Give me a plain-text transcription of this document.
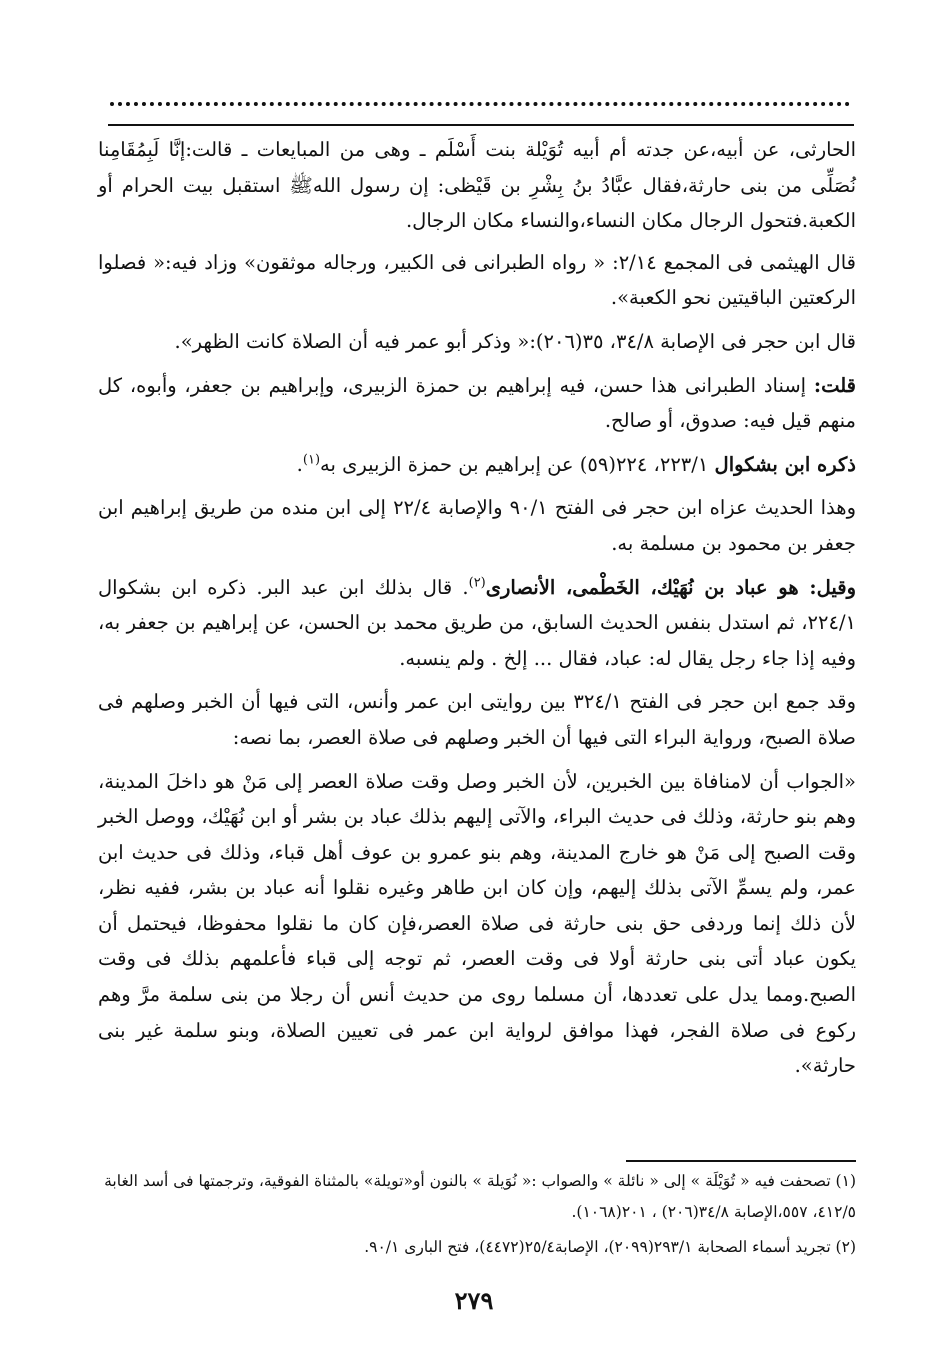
الحارثى، عن أبيه،عن جدته أم أبيه تُوَيْلة بنت أَسْلَم ـ وهى من المبايعات ـ قالت:إنَّا لَبِمُقَامِنا نُصَلِّى من بنى حارثة،فقال عبَّادُ بنُ بِشْرِ بن قَيْظى: إن رسول اللهﷺ استقبل بيت الحرام أو الكعبة.فتحول الرجال مكان النساء،والنساء مكان الرجال.

قال الهيثمى فى المجمع ٢/١٤: « رواه الطبرانى فى الكبير، ورجاله موثقون» وزاد فيه:« فصلوا الركعتين الباقيتين نحو الكعبة».

قال ابن حجر فى الإصابة ٣٤/٨، ٣٥(٢٠٦):« وذكر أبو عمر فيه أن الصلاة كانت الظهر».

قلت: إسناد الطبرانى هذا حسن، فيه إبراهيم بن حمزة الزبيرى، وإبراهيم بن جعفر، وأبوه، كل منهم قيل فيه: صدوق، أو صالح.

ذكره ابن بشكوال ٢٢٣/١، ٢٢٤(٥٩) عن إبراهيم بن حمزة الزبيرى به$^{(١)}$.

وهذا الحديث عزاه ابن حجر فى الفتح ٩٠/١ والإصابة ٢٢/٤ إلى ابن منده من طريق إبراهيم ابن جعفر بن محمود بن مسلمة به.

وقيل: هو عباد بن نُهَيْك، الخَطْمى، الأنصارى$^{(٢)}$. قال بذلك ابن عبد البر. ذكره ابن بشكوال ٢٢٤/١، ثم استدل بنفس الحديث السابق، من طريق محمد بن الحسن، عن إبراهيم بن جعفر به، وفيه إذا جاء رجل يقال له: عباد، فقال ... إلخ . ولم ينسبه.

وقد جمع ابن حجر فى الفتح ٣٢٤/١ بين روايتى ابن عمر وأنس، التى فيها أن الخبر وصلهم فى صلاة الصبح، ورواية البراء التى فيها أن الخبر وصلهم فى صلاة العصر، بما نصه:

«الجواب أن لامنافاة بين الخبرين، لأن الخبر وصل وقت صلاة العصر إلى مَنْ هو داخلَ المدينة، وهم بنو حارثة، وذلك فى حديث البراء، والآتى إليهم بذلك عباد بن بشر أو ابن نُهَيْك، ووصل الخبر وقت الصبح إلى مَنْ هو خارج المدينة، وهم بنو عمرو بن عوف أهل قباء، وذلك فى حديث ابن عمر، ولم يسمِّ الآتى بذلك إليهم، وإن كان ابن طاهر وغيره نقلوا أنه عباد بن بشر، ففيه نظر، لأن ذلك إنما وردفى حق بنى حارثة فى صلاة العصر،فإن كان ما نقلوا محفوظا، فيحتمل أن يكون عباد أتى بنى حارثة أولا فى وقت العصر، ثم توجه إلى قباء فأعلمهم بذلك فى وقت الصبح.ومما يدل على تعددها، أن مسلما روى من حديث أنس أن رجلا من بنى سلمة مرَّ وهم ركوع فى صلاة الفجر، فهذا موافق لرواية ابن عمر فى تعيين الصلاة، وبنو سلمة غير بنى حارثة».

(١) تصحفت فيه « تُوَيْلَة » إلى « نائلة » والصواب :« نُوَيلة » بالنون أو«تويلة» بالمثناة الفوقية، وترجمتها فى أسد الغابة ٤١٢/٥، ٥٥٧،الإصابة ٣٤/٨(٢٠٦) ، ٢٠١(١٠٦٨).

(٢) تجريد أسماء الصحابة ٢٩٣/١(٢٠٩٩)، الإصابة٢٥/٤(٤٤٧٢)، فتح البارى ٩٠/١.

٢٧٩
